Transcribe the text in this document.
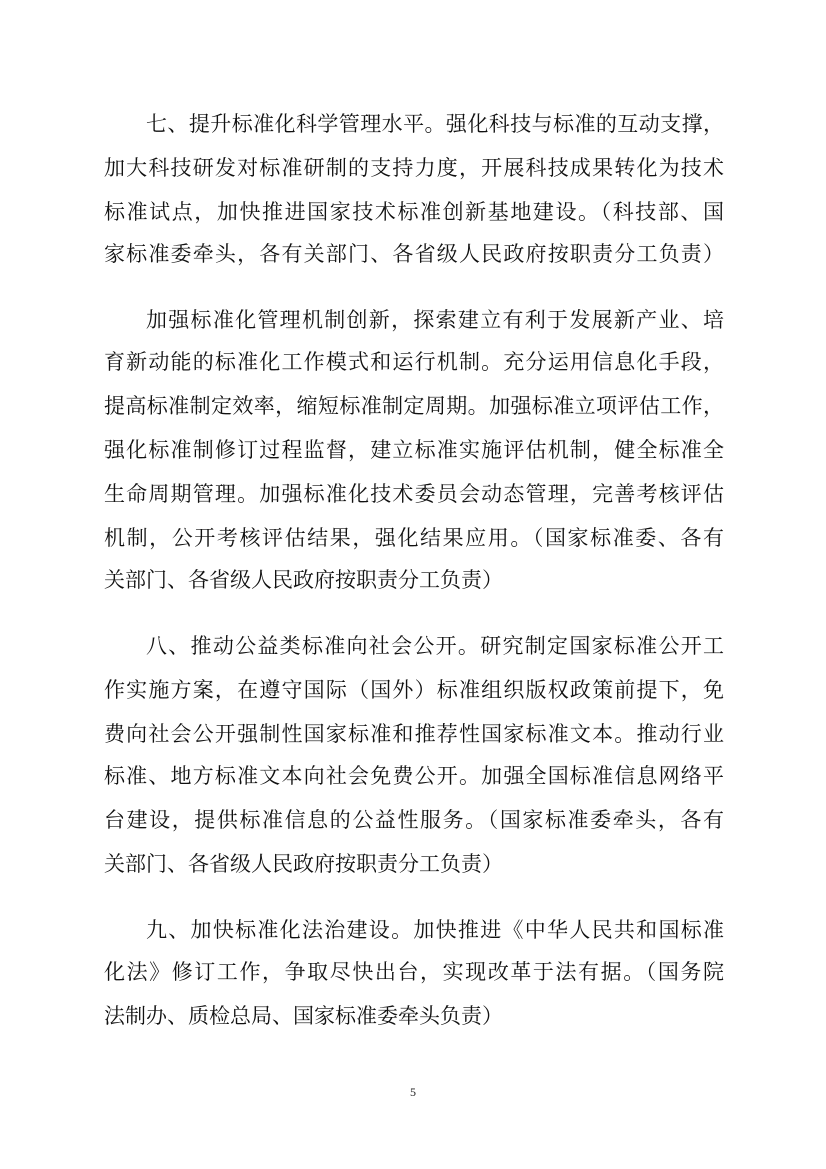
七、提升标准化科学管理水平。强化科技与标准的互动支撑，
加大科技研发对标准研制的支持力度，开展科技成果转化为技术
标准试点，加快推进国家技术标准创新基地建设。（科技部、国
家标准委牵头，各有关部门、各省级人民政府按职责分工负责）
加强标准化管理机制创新，探索建立有利于发展新产业、培
育新动能的标准化工作模式和运行机制。充分运用信息化手段，
提高标准制定效率，缩短标准制定周期。加强标准立项评估工作，
强化标准制修订过程监督，建立标准实施评估机制，健全标准全
生命周期管理。加强标准化技术委员会动态管理，完善考核评估
机制，公开考核评估结果，强化结果应用。（国家标准委、各有
关部门、各省级人民政府按职责分工负责）
八、推动公益类标准向社会公开。研究制定国家标准公开工
作实施方案，在遵守国际（国外）标准组织版权政策前提下，免
费向社会公开强制性国家标准和推荐性国家标准文本。推动行业
标准、地方标准文本向社会免费公开。加强全国标准信息网络平
台建设，提供标准信息的公益性服务。（国家标准委牵头，各有
关部门、各省级人民政府按职责分工负责）
九、加快标准化法治建设。加快推进《中华人民共和国标准
化法》修订工作，争取尽快出台，实现改革于法有据。（国务院
法制办、质检总局、国家标准委牵头负责）
5
